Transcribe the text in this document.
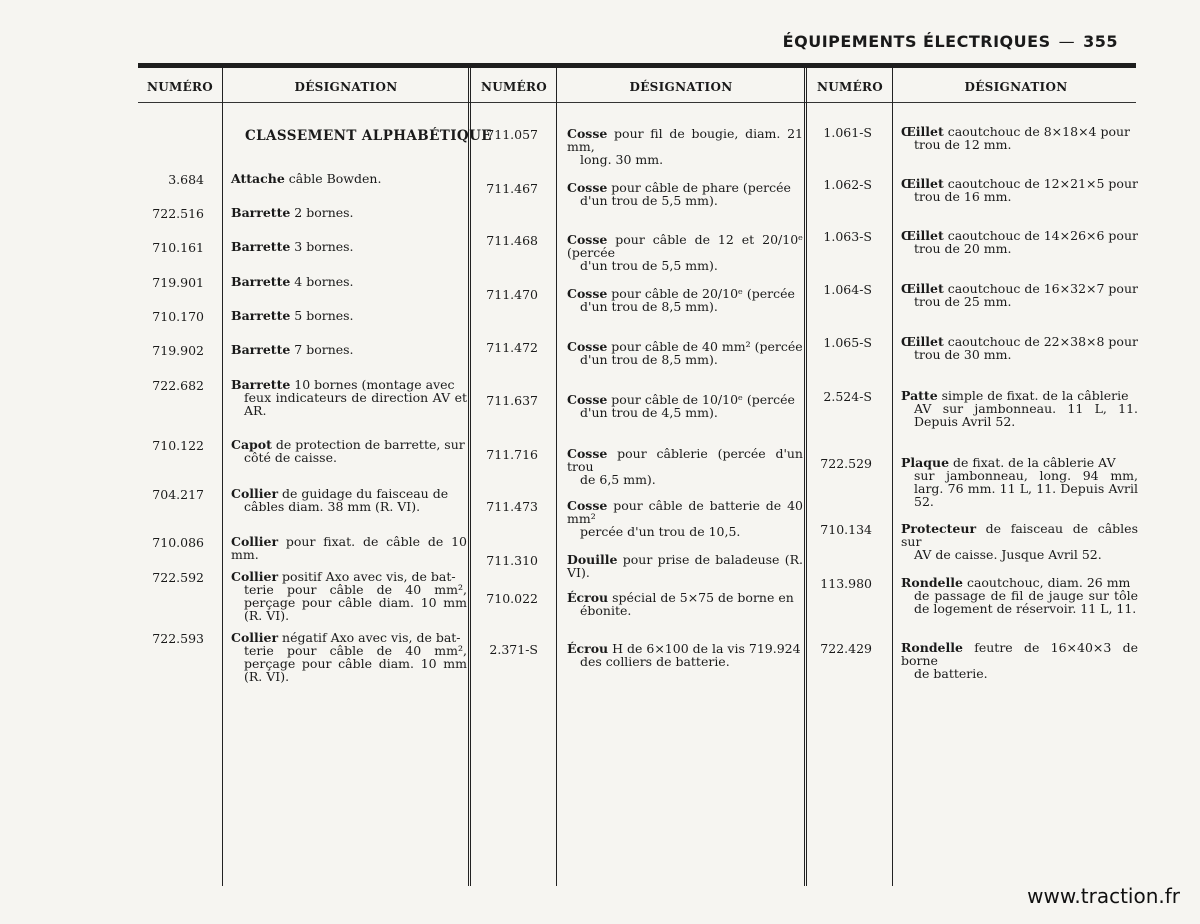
ÉQUIPEMENTS ÉLECTRIQUES — 355
NUMÉRO	DÉSIGNATION	NUMÉRO	DÉSIGNATION	NUMÉRO	DÉSIGNATION
CLASSEMENT ALPHABÉTIQUE
3.684 Attache câble Bowden.
722.516 Barrette 2 bornes.
710.161 Barrette 3 bornes.
719.901 Barrette 4 bornes.
710.170 Barrette 5 bornes.
719.902 Barrette 7 bornes.
722.682 Barrette 10 bornes (montage avec
feux indicateurs de direction AV et AR.
710.122 Capot de protection de barrette, sur
côté de caisse.
704.217 Collier de guidage du faisceau de
câbles diam. 38 mm (R. VI).
710.086 Collier pour fixat. de câble de 10 mm.
722.592 Collier positif Axo avec vis, de bat-
terie pour câble de 40 mm², perçage pour câble diam. 10 mm (R. VI).
722.593 Collier négatif Axo avec vis, de bat-
terie pour câble de 40 mm², perçage pour câble diam. 10 mm (R. VI).
711.057 Cosse pour fil de bougie, diam. 21 mm,
long. 30 mm.
711.467 Cosse pour câble de phare (percée
d'un trou de 5,5 mm).
711.468 Cosse pour câble de 12 et 20/10ᵉ (percée
d'un trou de 5,5 mm).
711.470 Cosse pour câble de 20/10ᵉ (percée
d'un trou de 8,5 mm).
711.472 Cosse pour câble de 40 mm² (percée
d'un trou de 8,5 mm).
711.637 Cosse pour câble de 10/10ᵉ (percée
d'un trou de 4,5 mm).
711.716 Cosse pour câblerie (percée d'un trou
de 6,5 mm).
711.473 Cosse pour câble de batterie de 40 mm²
percée d'un trou de 10,5.
711.310 Douille pour prise de baladeuse (R. VI).
710.022 Écrou spécial de 5×75 de borne en
ébonite.
2.371-S Écrou H de 6×100 de la vis 719.924
des colliers de batterie.
1.061-S Œillet caoutchouc de 8×18×4 pour
trou de 12 mm.
1.062-S Œillet caoutchouc de 12×21×5 pour
trou de 16 mm.
1.063-S Œillet caoutchouc de 14×26×6 pour
trou de 20 mm.
1.064-S Œillet caoutchouc de 16×32×7 pour
trou de 25 mm.
1.065-S Œillet caoutchouc de 22×38×8 pour
trou de 30 mm.
2.524-S Patte simple de fixat. de la câblerie
AV sur jambonneau. 11 L, 11. Depuis Avril 52.
722.529 Plaque de fixat. de la câblerie AV
sur jambonneau, long. 94 mm, larg. 76 mm. 11 L, 11. Depuis Avril 52.
710.134 Protecteur de faisceau de câbles sur
AV de caisse. Jusque Avril 52.
113.980 Rondelle caoutchouc, diam. 26 mm
de passage de fil de jauge sur tôle de logement de réservoir. 11 L, 11.
722.429 Rondelle feutre de 16×40×3 de borne
de batterie.
www.traction.fr
